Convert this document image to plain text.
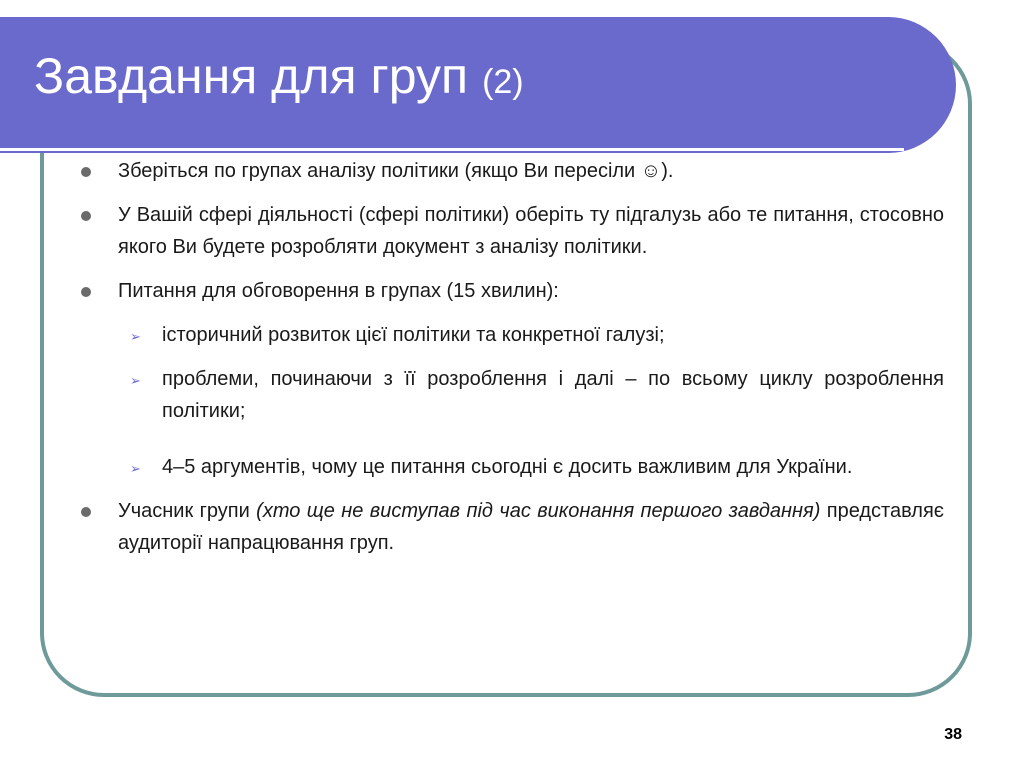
Завдання для груп (2)
Зберіться по групах аналізу політики (якщо Ви пересіли ☺).
У Вашій сфері діяльності (сфері політики) оберіть ту підгалузь або те питання, стосовно якого Ви будете розробляти документ з аналізу політики.
Питання для обговорення в групах (15 хвилин):
➢ історичний розвиток цієї політики та конкретної галузі;
➢ проблеми, починаючи з її розроблення і далі – по всьому циклу розроблення політики;
➢ 4–5 аргументів, чому це питання сьогодні є досить важливим для України.
Учасник групи (хто ще не виступав під час виконання першого завдання) представляє аудиторії напрацювання груп.
38
